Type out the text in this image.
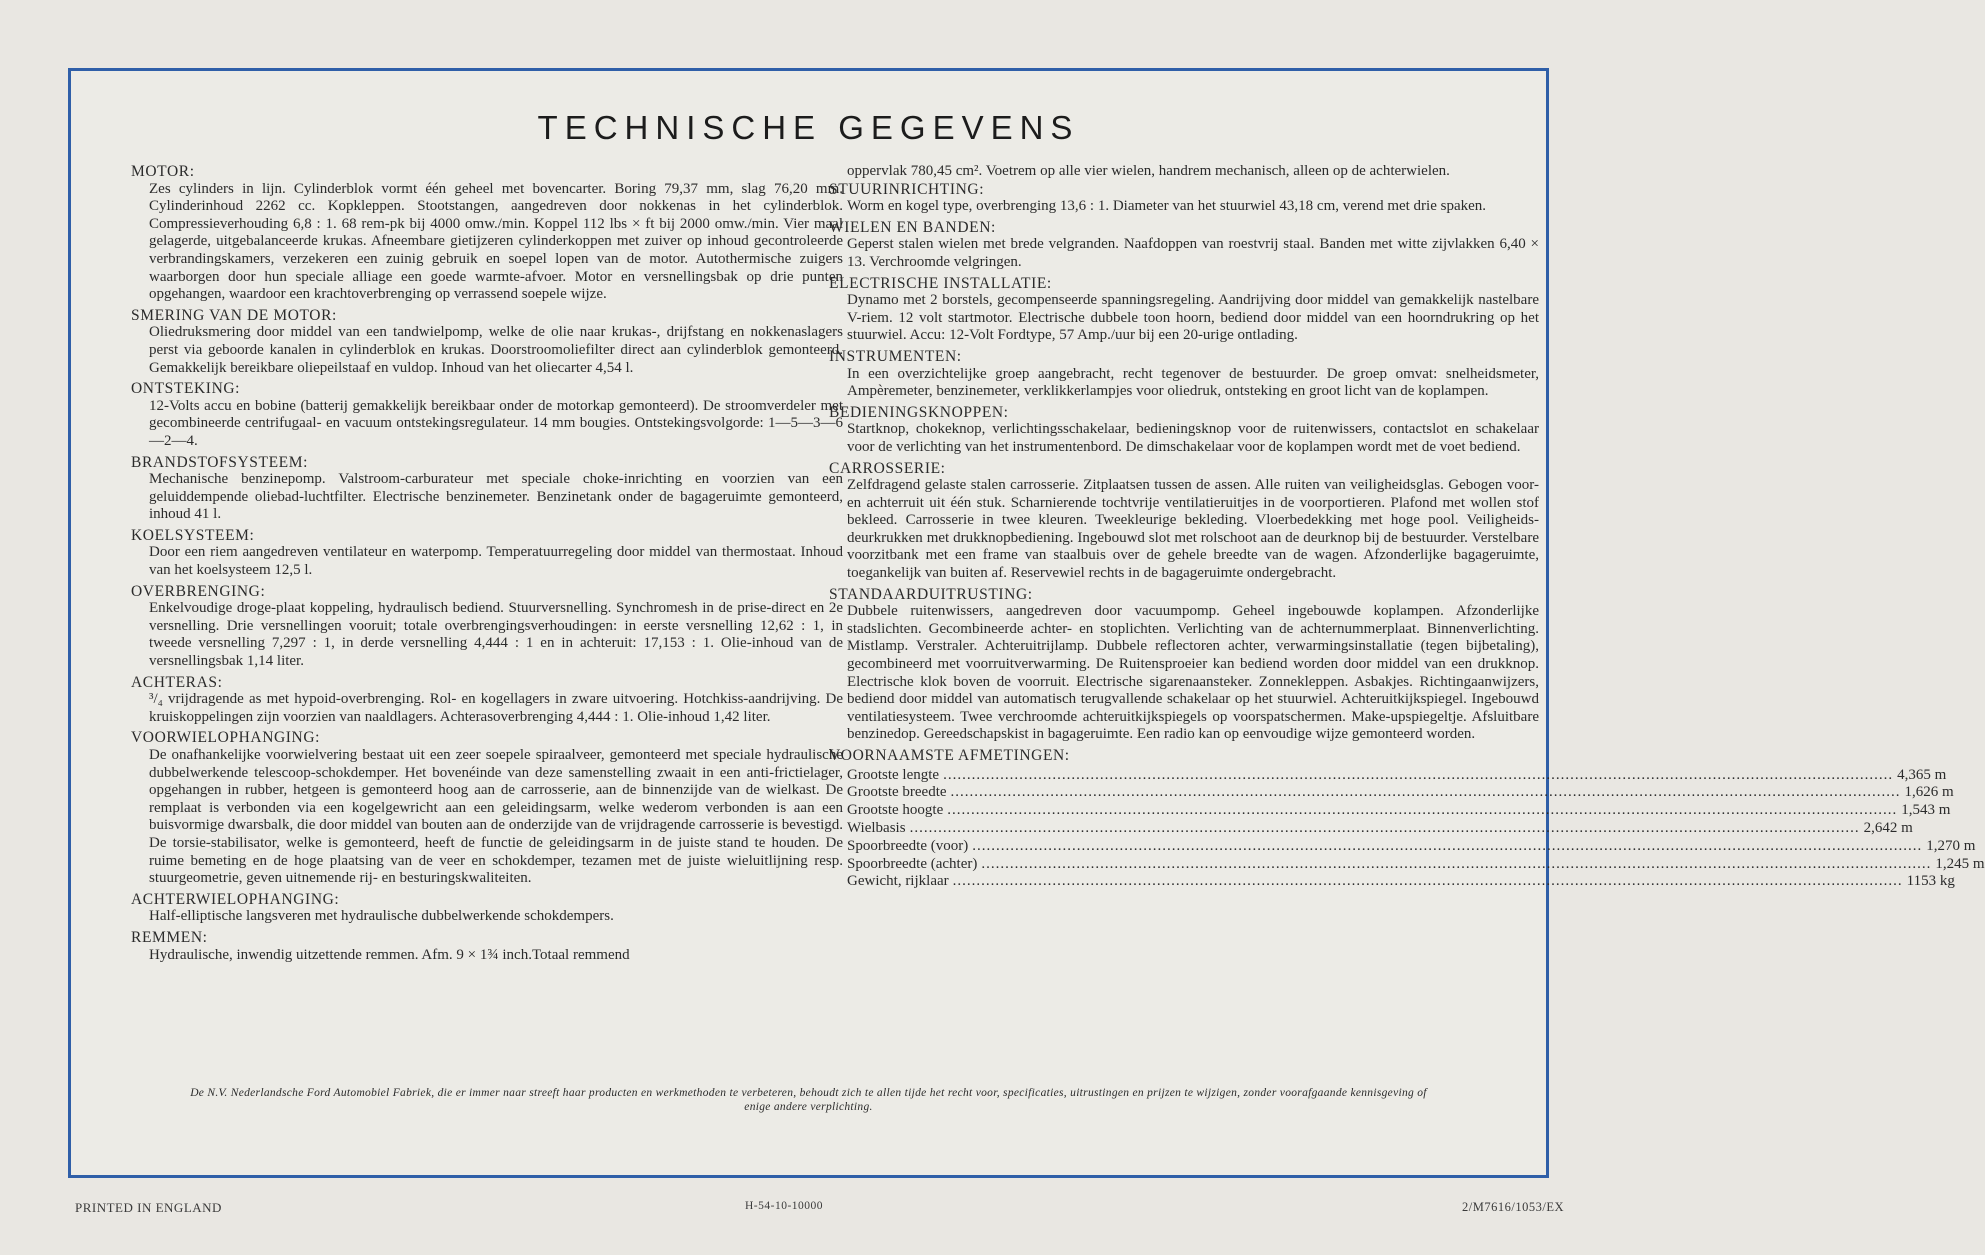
TECHNISCHE GEGEVENS
MOTOR:
Zes cylinders in lijn. Cylinderblok vormt één geheel met bovencarter. Boring 79,37 mm, slag 76,20 mm. Cylinderinhoud 2262 cc. Kopkleppen. Stootstangen, aangedreven door nokkenas in het cylinderblok. Compressieverhouding 6,8 : 1. 68 rem-pk bij 4000 omw./min. Koppel 112 lbs × ft bij 2000 omw./min. Vier maal gelagerde, uitgebalanceerde krukas. Afneembare gietijzeren cylinderkoppen met zuiver op inhoud gecontroleerde verbrandingskamers, verzekeren een zuinig gebruik en soepel lopen van de motor. Autothermische zuigers waarborgen door hun speciale alliage een goede warmte-afvoer. Motor en versnellingsbak op drie punten opgehangen, waardoor een krachtoverbrenging op verrassend soepele wijze.
SMERING VAN DE MOTOR:
Oliedruksmering door middel van een tandwielpomp, welke de olie naar krukas-, drijfstang en nokkenaslagers perst via geboorde kanalen in cylinderblok en krukas. Doorstroomoliefilter direct aan cylinderblok gemonteerd. Gemakkelijk bereikbare oliepeilstaaf en vuldop. Inhoud van het oliecarter 4,54 l.
ONTSTEKING:
12-Volts accu en bobine (batterij gemakkelijk bereikbaar onder de motorkap gemonteerd). De stroomverdeler met gecombineerde centrifugaal- en vacuum ontstekingsregulateur. 14 mm bougies. Ontstekingsvolgorde: 1—5—3—6—2—4.
BRANDSTOFSYSTEEM:
Mechanische benzinepomp. Valstroom-carburateur met speciale choke-inrichting en voorzien van een geluiddempende oliebad-luchtfilter. Electrische benzinemeter. Benzinetank onder de bagageruimte gemonteerd, inhoud 41 l.
KOELSYSTEEM:
Door een riem aangedreven ventilateur en waterpomp. Temperatuurregeling door middel van thermostaat. Inhoud van het koelsysteem 12,5 l.
OVERBRENGING:
Enkelvoudige droge-plaat koppeling, hydraulisch bediend. Stuurversnelling. Synchromesh in de prise-direct en 2e versnelling. Drie versnellingen vooruit; totale overbrengingsverhoudingen: in eerste versnelling 12,62 : 1, in tweede versnelling 7,297 : 1, in derde versnelling 4,444 : 1 en in achteruit: 17,153 : 1. Olie-inhoud van de versnellingsbak 1,14 liter.
ACHTERAS:
³/₄ vrijdragende as met hypoid-overbrenging. Rol- en kogellagers in zware uitvoering. Hotchkiss-aandrijving. De kruiskoppelingen zijn voorzien van naaldlagers. Achterasoverbrenging 4,444 : 1. Olie-inhoud 1,42 liter.
VOORWIELOPHANGING:
De onafhankelijke voorwielvering bestaat uit een zeer soepele spiraalveer, gemonteerd met speciale hydraulische dubbelwerkende telescoop-schokdemper. Het bovenéinde van deze samenstelling zwaait in een anti-frictielager, opgehangen in rubber, hetgeen is gemonteerd hoog aan de carrosserie, aan de binnenzijde van de wielkast. De remplaat is verbonden via een kogelgewricht aan een geleidingsarm, welke wederom verbonden is aan een buisvormige dwarsbalk, die door middel van bouten aan de onderzijde van de vrijdragende carrosserie is bevestigd. De torsie-stabilisator, welke is gemonteerd, heeft de functie de geleidingsarm in de juiste stand te houden. De ruime bemeting en de hoge plaatsing van de veer en schokdemper, tezamen met de juiste wieluitlijning resp. stuurgeometrie, geven uitnemende rij- en besturingskwaliteiten.
ACHTERWIELOPHANGING:
Half-elliptische langsveren met hydraulische dubbelwerkende schokdempers.
REMMEN:
Hydraulische, inwendig uitzettende remmen. Afm. 9 × 1¾ inch.Totaal remmend
oppervlak 780,45 cm². Voetrem op alle vier wielen, handrem mechanisch, alleen op de achterwielen.
STUURINRICHTING:
Worm en kogel type, overbrenging 13,6 : 1. Diameter van het stuurwiel 43,18 cm, verend met drie spaken.
WIELEN EN BANDEN:
Geperst stalen wielen met brede velgranden. Naafdoppen van roestvrij staal. Banden met witte zijvlakken 6,40 × 13. Verchroomde velgringen.
ELECTRISCHE INSTALLATIE:
Dynamo met 2 borstels, gecompenseerde spanningsregeling. Aandrijving door middel van gemakkelijk nastelbare V-riem. 12 volt startmotor. Electrische dubbele toon hoorn, bediend door middel van een hoorndrukring op het stuurwiel. Accu: 12-Volt Fordtype, 57 Amp./uur bij een 20-urige ontlading.
INSTRUMENTEN:
In een overzichtelijke groep aangebracht, recht tegenover de bestuurder. De groep omvat: snelheidsmeter, Ampèremeter, benzinemeter, verklikkerlampjes voor oliedruk, ontsteking en groot licht van de koplampen.
BEDIENINGSKNOPPEN:
Startknop, chokeknop, verlichtingsschakelaar, bedieningsknop voor de ruitenwissers, contactslot en schakelaar voor de verlichting van het instrumentenbord. De dimschakelaar voor de koplampen wordt met de voet bediend.
CARROSSERIE:
Zelfdragend gelaste stalen carrosserie. Zitplaatsen tussen de assen. Alle ruiten van veiligheidsglas. Gebogen voor- en achterruit uit één stuk. Scharnierende tochtvrije ventilatieruitjes in de voorportieren. Plafond met wollen stof bekleed. Carrosserie in twee kleuren. Tweekleurige bekleding. Vloerbedekking met hoge pool. Veiligheids-deurkrukken met drukknopbediening. Ingebouwd slot met rolschoot aan de deurknop bij de bestuurder. Verstelbare voorzitbank met een frame van staalbuis over de gehele breedte van de wagen. Afzonderlijke bagageruimte, toegankelijk van buiten af. Reservewiel rechts in de bagageruimte ondergebracht.
STANDAARDUITRUSTING:
Dubbele ruitenwissers, aangedreven door vacuumpomp. Geheel ingebouwde koplampen. Afzonderlijke stadslichten. Gecombineerde achter- en stoplichten. Verlichting van de achternummerplaat. Binnenverlichting. Mistlamp. Verstraler. Achteruitrijlamp. Dubbele reflectoren achter, verwarmingsinstallatie (tegen bijbetaling), gecombineerd met voorruitverwarming. De Ruitensproeier kan bediend worden door middel van een drukknop. Electrische klok boven de voorruit. Electrische sigarenaansteker. Zonnekleppen. Asbakjes. Richtingaanwijzers, bediend door middel van automatisch terugvallende schakelaar op het stuurwiel. Achteruitkijkspiegel. Ingebouwd ventilatiesysteem. Twee verchroomde achteruitkijkspiegels op voorspatschermen. Make-upspiegeltje. Afsluitbare benzinedop. Gereedschapskist in bagageruimte. Een radio kan op eenvoudige wijze gemonteerd worden.
VOORNAAMSTE AFMETINGEN:
Grootste lengte ........................................................................................................................................................................................................ 4,365 m
Grootste breedte ........................................................................................................................................................................................................ 1,626 m
Grootste hoogte ........................................................................................................................................................................................................ 1,543 m
Wielbasis ........................................................................................................................................................................................................ 2,642 m
Spoorbreedte (voor) ........................................................................................................................................................................................................ 1,270 m
Spoorbreedte (achter) ........................................................................................................................................................................................................ 1,245 m
Gewicht, rijklaar ........................................................................................................................................................................................................ 1153 kg
De N.V. Nederlandsche Ford Automobiel Fabriek, die er immer naar streeft haar producten en werkmethoden te verbeteren, behoudt zich te allen tijde het recht voor, specificaties, uitrustingen en prijzen te wijzigen, zonder voorafgaande kennisgeving of enige andere verplichting.
PRINTED IN ENGLAND	H-54-10-10000	2/M7616/1053/EX
